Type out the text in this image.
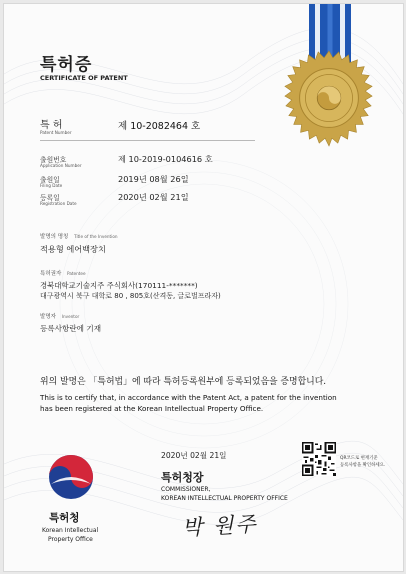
특허증
CERTIFICATE OF PATENT
특 허
Patent Number
제 10-2082464 호
출원번호
Application Number
제 10-2019-0104616 호
출원일
Filing Date
2019년 08월 26일
등록일
Registration Date
2020년 02월 21일
발명의 명칭 Title of the Invention
적용형 에어백장치
특허권자 Patentee
경북대학교기술지주 주식회사(170111-*******)
대구광역시 북구 대학로 80 , 805호(산격동, 글로벌프라자)
발명자 Inventor
등록사항란에 기재
위의 발명은 「특허법」에 따라 특허등록원부에 등록되었음을 증명합니다.
This is to certify that, in accordance with the Patent Act, a patent for the invention
has been registered at the Korean Intellectual Property Office.
2020년 02월 21일
특허청장
COMMISSIONER,
KOREAN INTELLECTUAL PROPERTY OFFICE
박 원주
QR코드로 현재기준
등록사항을 확인하세요.
특허청
Korean Intellectual
Property Office
